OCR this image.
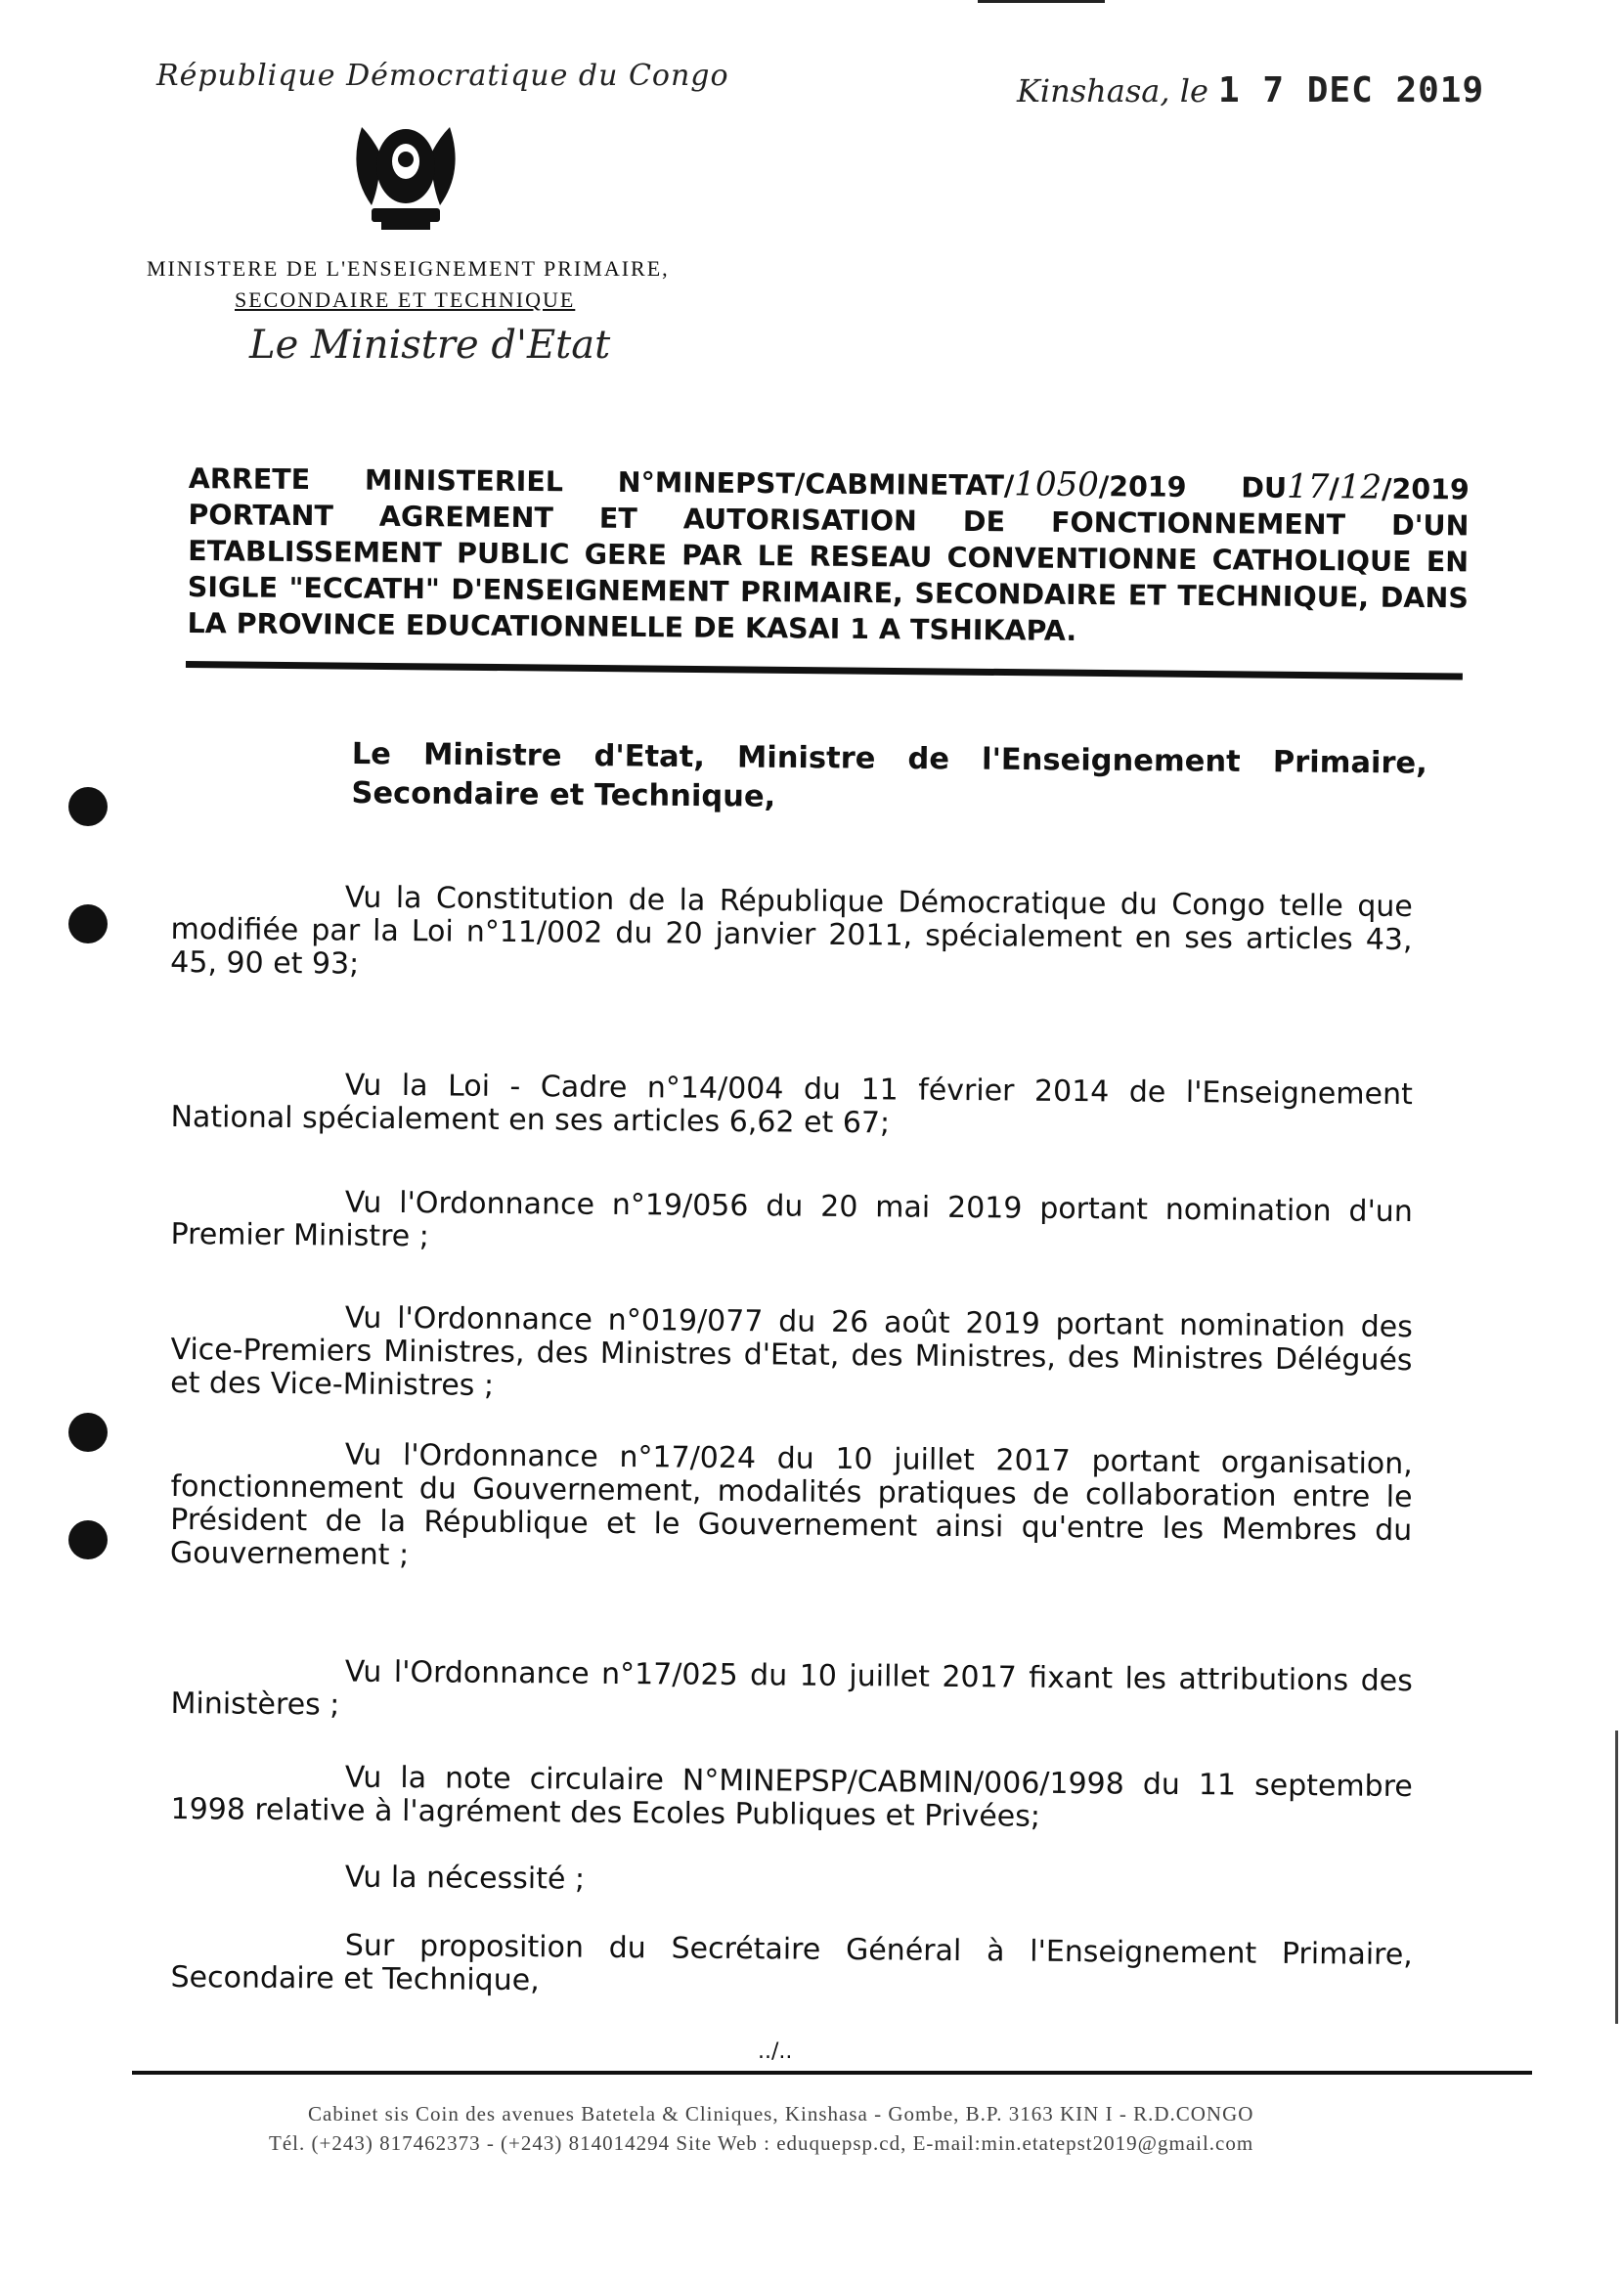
République Démocratique du Congo	Kinshasa, le 1 7 DEC 2019
MINISTERE DE L'ENSEIGNEMENT PRIMAIRE,
SECONDAIRE ET TECHNIQUE
Le Ministre d'Etat
ARRETE MINISTERIEL N°MINEPST/CABMINETAT/1050/2019 DU17/12/2019 PORTANT AGREMENT ET AUTORISATION DE FONCTIONNEMENT D'UN ETABLISSEMENT PUBLIC GERE PAR LE RESEAU CONVENTIONNE CATHOLIQUE EN SIGLE "ECCATH" D'ENSEIGNEMENT PRIMAIRE, SECONDAIRE ET TECHNIQUE, DANS LA PROVINCE EDUCATIONNELLE DE KASAI 1 A TSHIKAPA.
Le Ministre d'Etat, Ministre de l'Enseignement Primaire, Secondaire et Technique,
Vu la Constitution de la République Démocratique du Congo telle que modifiée par la Loi n°11/002 du 20 janvier 2011, spécialement en ses articles 43, 45, 90 et 93;
Vu la Loi - Cadre n°14/004 du 11 février 2014 de l'Enseignement National spécialement en ses articles 6,62 et 67;
Vu l'Ordonnance n°19/056 du 20 mai 2019 portant nomination d'un Premier Ministre ;
Vu l'Ordonnance n°019/077 du 26 août 2019 portant nomination des Vice-Premiers Ministres, des Ministres d'Etat, des Ministres, des Ministres Délégués et des Vice-Ministres ;
Vu l'Ordonnance n°17/024 du 10 juillet 2017 portant organisation, fonctionnement du Gouvernement, modalités pratiques de collaboration entre le Président de la République et le Gouvernement ainsi qu'entre les Membres du Gouvernement ;
Vu l'Ordonnance n°17/025 du 10 juillet 2017 fixant les attributions des Ministères ;
Vu la note circulaire N°MINEPSP/CABMIN/006/1998 du 11 septembre 1998 relative à l'agrément des Ecoles Publiques et Privées;
Vu la nécessité ;
Sur proposition du Secrétaire Général à l'Enseignement Primaire, Secondaire et Technique,
../..
Cabinet sis Coin des avenues Batetela & Cliniques, Kinshasa - Gombe, B.P. 3163 KIN I - R.D.CONGO
Tél. (+243) 817462373 - (+243) 814014294 Site Web : eduquepsp.cd, E-mail:min.etatepst2019@gmail.com
